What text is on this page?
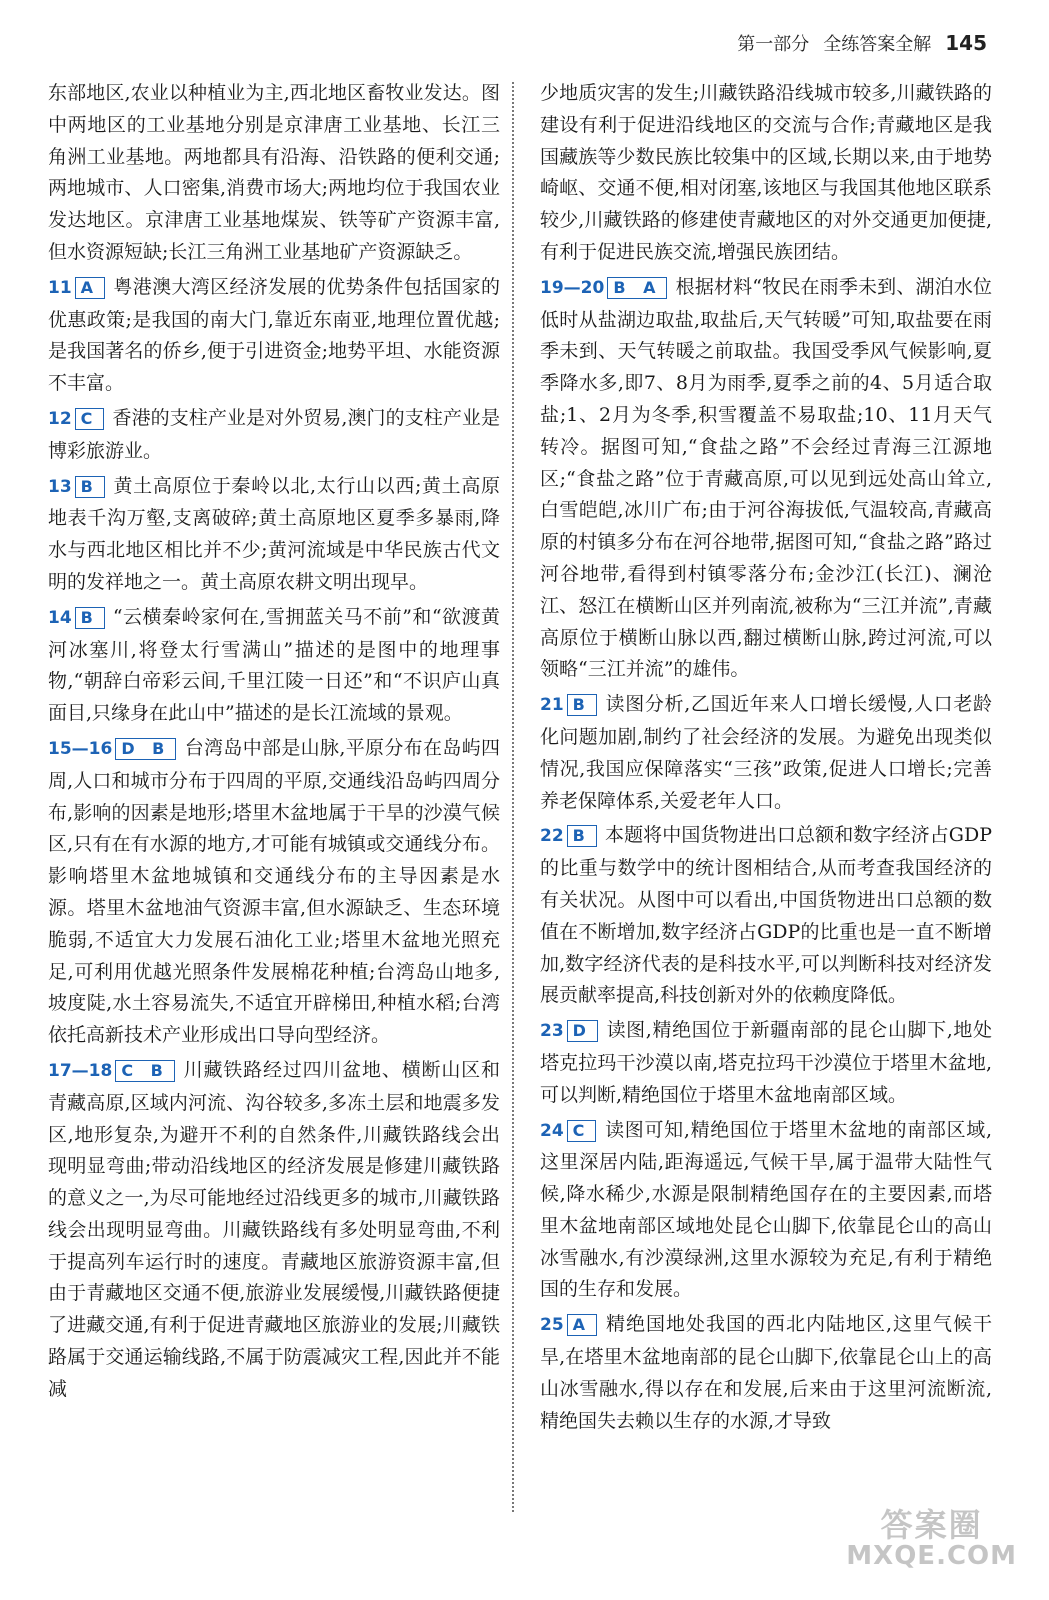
第一部分 全练答案全解 145

东部地区,农业以种植业为主,西北地区畜牧业发达。图中两地区的工业基地分别是京津唐工业基地、长江三角洲工业基地。两地都具有沿海、沿铁路的便利交通;两地城市、人口密集,消费市场大;两地均位于我国农业发达地区。京津唐工业基地煤炭、铁等矿产资源丰富,但水资源短缺;长江三角洲工业基地矿产资源缺乏。

11 A 粤港澳大湾区经济发展的优势条件包括国家的优惠政策;是我国的南大门,靠近东南亚,地理位置优越;是我国著名的侨乡,便于引进资金;地势平坦、水能资源不丰富。

12 C 香港的支柱产业是对外贸易,澳门的支柱产业是博彩旅游业。

13 B 黄土高原位于秦岭以北,太行山以西;黄土高原地表千沟万壑,支离破碎;黄土高原地区夏季多暴雨,降水与西北地区相比并不少;黄河流域是中华民族古代文明的发祥地之一。黄土高原农耕文明出现早。

14 B “云横秦岭家何在,雪拥蓝关马不前”和“欲渡黄河冰塞川,将登太行雪满山”描述的是图中的地理事物,“朝辞白帝彩云间,千里江陵一日还”和“不识庐山真面目,只缘身在此山中”描述的是长江流域的景观。

15—16 D B 台湾岛中部是山脉,平原分布在岛屿四周,人口和城市分布于四周的平原,交通线沿岛屿四周分布,影响的因素是地形;塔里木盆地属于干旱的沙漠气候区,只有在有水源的地方,才可能有城镇或交通线分布。影响塔里木盆地城镇和交通线分布的主导因素是水源。塔里木盆地油气资源丰富,但水源缺乏、生态环境脆弱,不适宜大力发展石油化工业;塔里木盆地光照充足,可利用优越光照条件发展棉花种植;台湾岛山地多,坡度陡,水土容易流失,不适宜开辟梯田,种植水稻;台湾依托高新技术产业形成出口导向型经济。

17—18 C B 川藏铁路经过四川盆地、横断山区和青藏高原,区域内河流、沟谷较多,多冻土层和地震多发区,地形复杂,为避开不利的自然条件,川藏铁路线会出现明显弯曲;带动沿线地区的经济发展是修建川藏铁路的意义之一,为尽可能地经过沿线更多的城市,川藏铁路线会出现明显弯曲。川藏铁路线有多处明显弯曲,不利于提高列车运行时的速度。青藏地区旅游资源丰富,但由于青藏地区交通不便,旅游业发展缓慢,川藏铁路便捷了进藏交通,有利于促进青藏地区旅游业的发展;川藏铁路属于交通运输线路,不属于防震减灾工程,因此并不能减

少地质灾害的发生;川藏铁路沿线城市较多,川藏铁路的建设有利于促进沿线地区的交流与合作;青藏地区是我国藏族等少数民族比较集中的区域,长期以来,由于地势崎岖、交通不便,相对闭塞,该地区与我国其他地区联系较少,川藏铁路的修建使青藏地区的对外交通更加便捷,有利于促进民族交流,增强民族团结。

19—20 B A 根据材料“牧民在雨季未到、湖泊水位低时从盐湖边取盐,取盐后,天气转暖”可知,取盐要在雨季未到、天气转暖之前取盐。我国受季风气候影响,夏季降水多,即7、8月为雨季,夏季之前的4、5月适合取盐;1、2月为冬季,积雪覆盖不易取盐;10、11月天气转冷。据图可知,“食盐之路”不会经过青海三江源地区;“食盐之路”位于青藏高原,可以见到远处高山耸立,白雪皑皑,冰川广布;由于河谷海拔低,气温较高,青藏高原的村镇多分布在河谷地带,据图可知,“食盐之路”路过河谷地带,看得到村镇零落分布;金沙江(长江)、澜沧江、怒江在横断山区并列南流,被称为“三江并流”,青藏高原位于横断山脉以西,翻过横断山脉,跨过河流,可以领略“三江并流”的雄伟。

21 B 读图分析,乙国近年来人口增长缓慢,人口老龄化问题加剧,制约了社会经济的发展。为避免出现类似情况,我国应保障落实“三孩”政策,促进人口增长;完善养老保障体系,关爱老年人口。

22 B 本题将中国货物进出口总额和数字经济占GDP的比重与数学中的统计图相结合,从而考查我国经济的有关状况。从图中可以看出,中国货物进出口总额的数值在不断增加,数字经济占GDP的比重也是一直不断增加,数字经济代表的是科技水平,可以判断科技对经济发展贡献率提高,科技创新对外的依赖度降低。

23 D 读图,精绝国位于新疆南部的昆仑山脚下,地处塔克拉玛干沙漠以南,塔克拉玛干沙漠位于塔里木盆地,可以判断,精绝国位于塔里木盆地南部区域。

24 C 读图可知,精绝国位于塔里木盆地的南部区域,这里深居内陆,距海遥远,气候干旱,属于温带大陆性气候,降水稀少,水源是限制精绝国存在的主要因素,而塔里木盆地南部区域地处昆仑山脚下,依靠昆仑山的高山冰雪融水,有沙漠绿洲,这里水源较为充足,有利于精绝国的生存和发展。

25 A 精绝国地处我国的西北内陆地区,这里气候干旱,在塔里木盆地南部的昆仑山脚下,依靠昆仑山上的高山冰雪融水,得以存在和发展,后来由于这里河流断流,精绝国失去赖以生存的水源,才导致

答案圈
MXQE.COM
